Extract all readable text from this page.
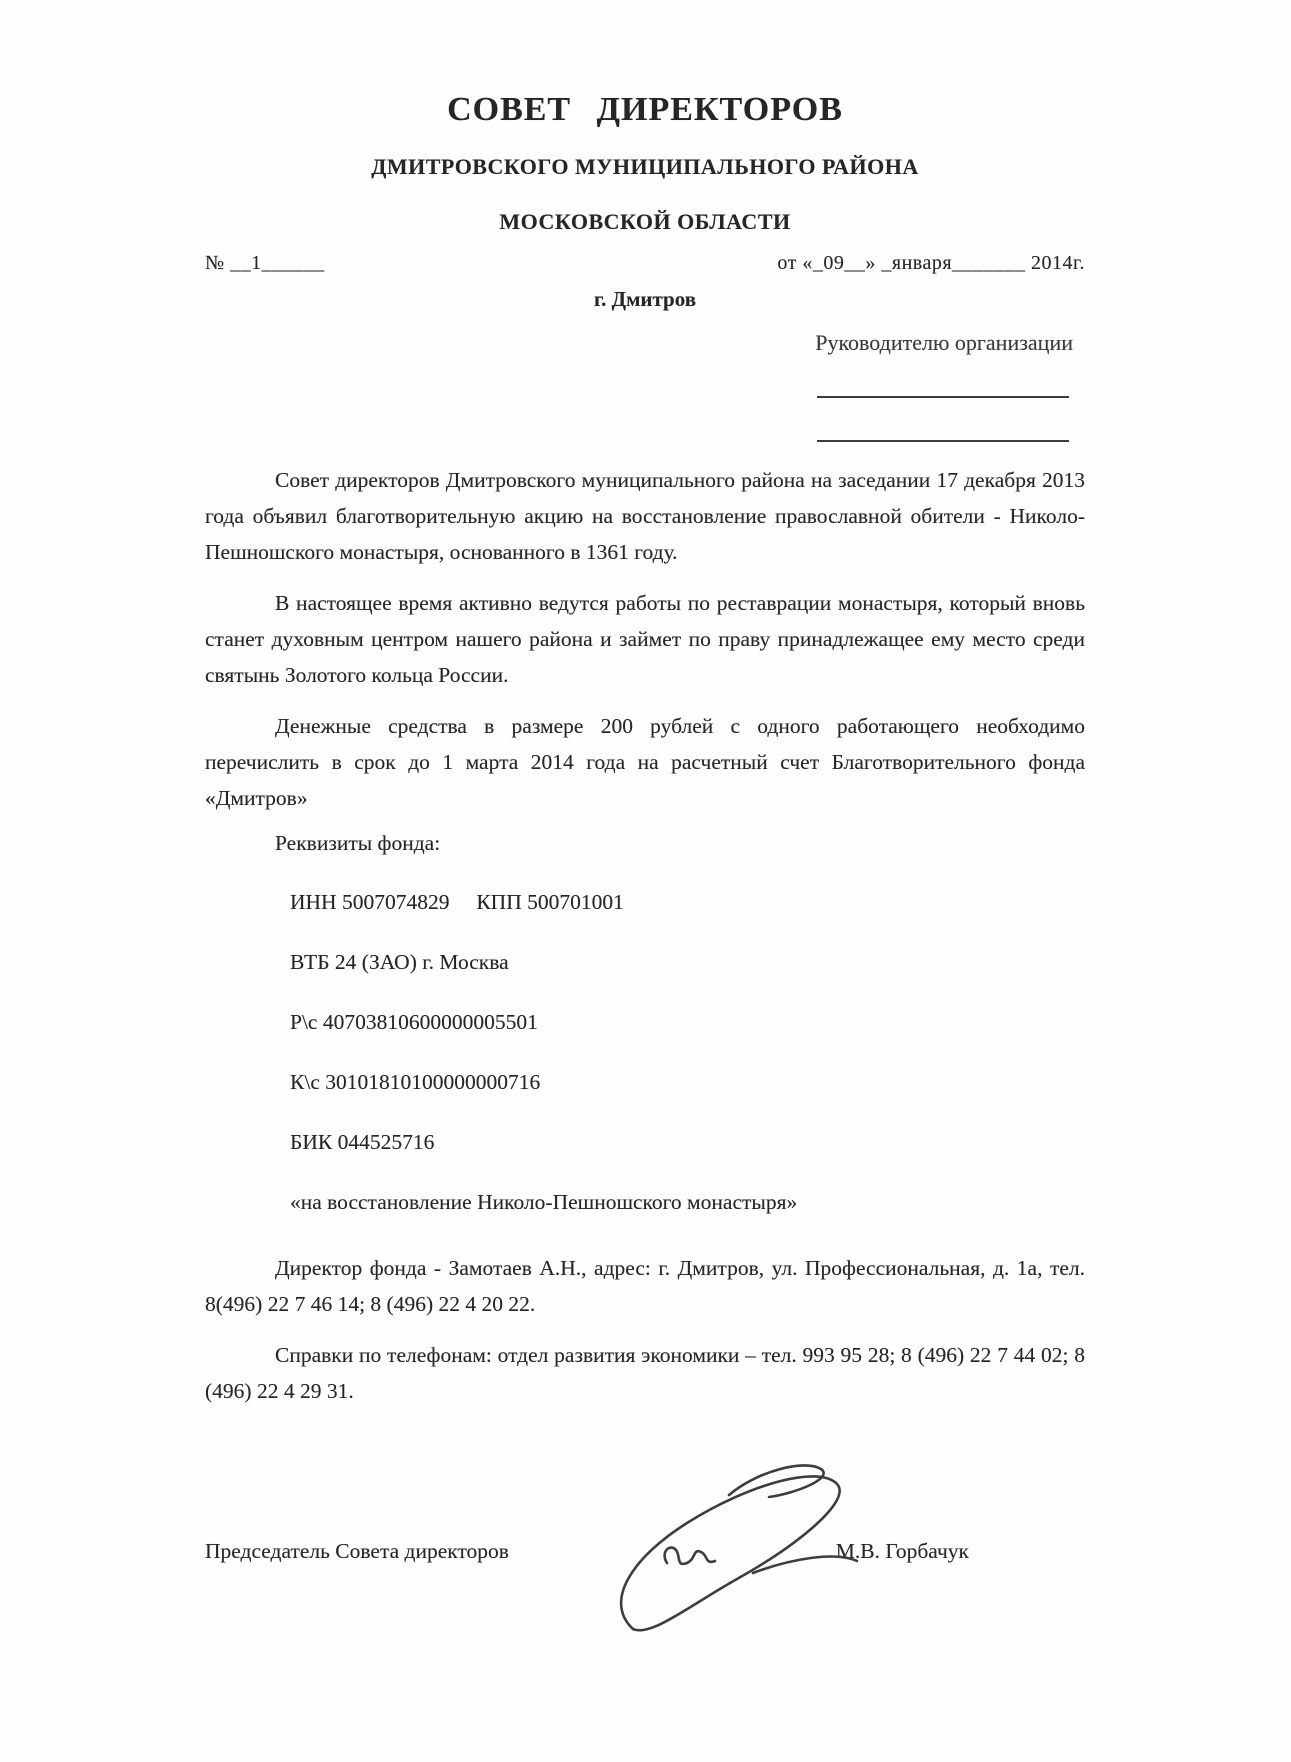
СОВЕТ ДИРЕКТОРОВ
ДМИТРОВСКОГО МУНИЦИПАЛЬНОГО РАЙОНА
МОСКОВСКОЙ ОБЛАСТИ
№ __1______	от «_09__» _января_______ 2014г.
г. Дмитров
Руководителю организации

Совет директоров Дмитровского муниципального района на заседании 17 декабря 2013 года объявил благотворительную акцию на восстановление православной обители - Николо-Пешношского монастыря, основанного в 1361 году.

В настоящее время активно ведутся работы по реставрации монастыря, который вновь станет духовным центром нашего района и займет по праву принадлежащее ему место среди святынь Золотого кольца России.

Денежные средства в размере 200 рублей с одного работающего необходимо перечислить в срок до 1 марта 2014 года на расчетный счет Благотворительного фонда «Дмитров»

Реквизиты фонда:
ИНН 5007074829     КПП 500701001
ВТБ 24 (ЗАО) г. Москва
Р\с 40703810600000005501
К\с 30101810100000000716
БИК 044525716
«на восстановление Николо-Пешношского монастыря»

Директор фонда - Замотаев А.Н., адрес: г. Дмитров, ул. Профессиональная, д. 1а, тел. 8(496) 22 7 46 14; 8 (496) 22 4 20 22.

Справки по телефонам: отдел развития экономики – тел. 993 95 28; 8 (496) 22 7 44 02; 8 (496) 22 4 29 31.

Председатель Совета директоров	М.В. Горбачук
